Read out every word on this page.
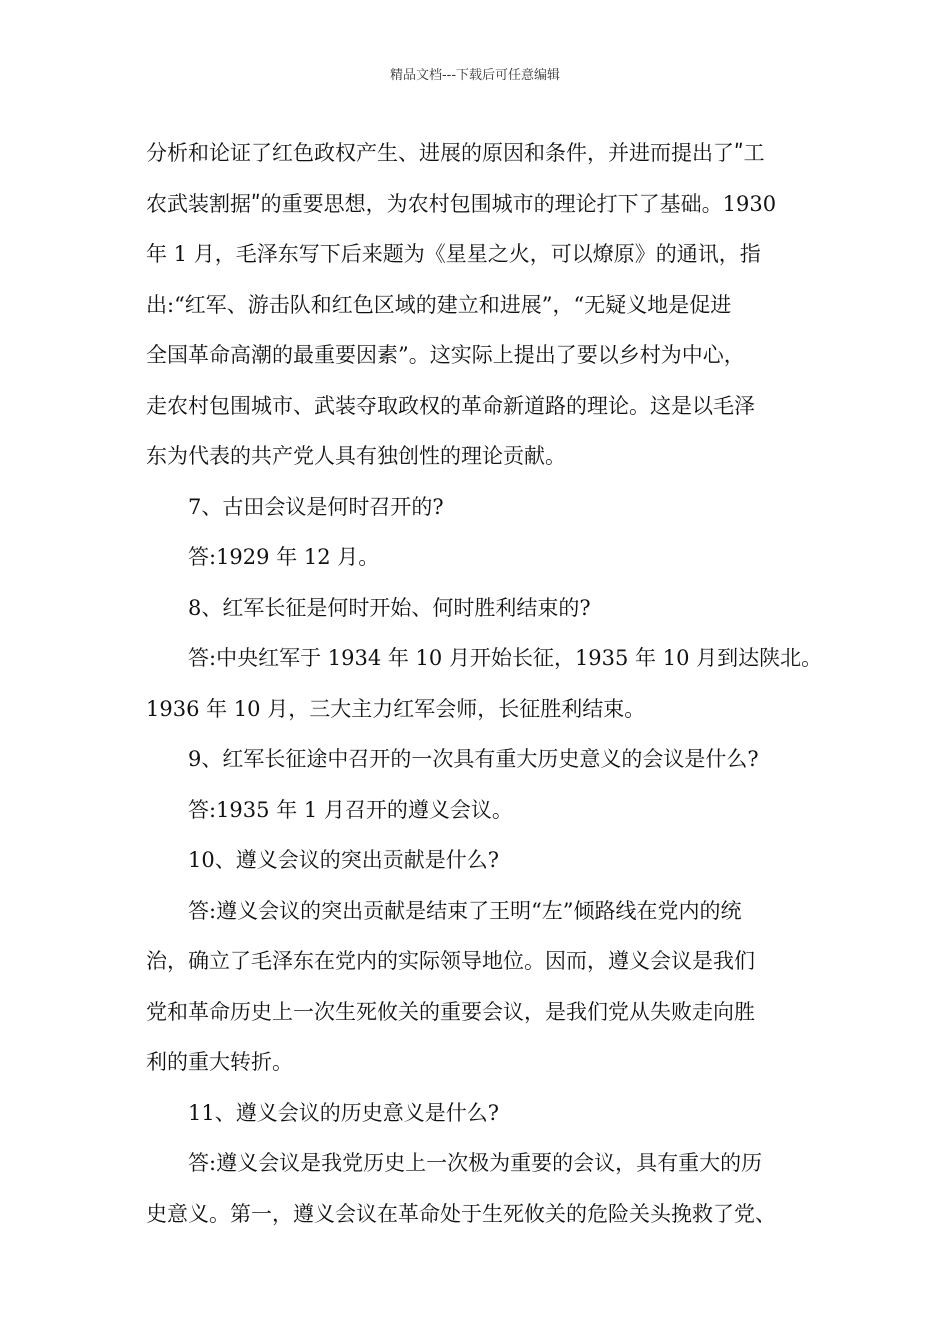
精品文档---下载后可任意编辑

分析和论证了红色政权产生、进展的原因和条件，并进而提出了ʺ工

农武装割据ʺ的重要思想，为农村包围城市的理论打下了基础。1930

年 1 月，毛泽东写下后来题为《星星之火，可以燎原》的通讯，指

出:“红军、游击队和红色区域的建立和进展”，“无疑义地是促进

全国革命高潮的最重要因素”。这实际上提出了要以乡村为中心，

走农村包围城市、武装夺取政权的革命新道路的理论。这是以毛泽

东为代表的共产党人具有独创性的理论贡献。

7、古田会议是何时召开的?

答:1929 年 12 月。

8、红军长征是何时开始、何时胜利结束的?

答:中央红军于 1934 年 10 月开始长征，1935 年 10 月到达陕北。

1936 年 10 月，三大主力红军会师，长征胜利结束。

9、红军长征途中召开的一次具有重大历史意义的会议是什么?

答:1935 年 1 月召开的遵义会议。

10、遵义会议的突出贡献是什么?

答:遵义会议的突出贡献是结束了王明“左”倾路线在党内的统

治，确立了毛泽东在党内的实际领导地位。因而，遵义会议是我们

党和革命历史上一次生死攸关的重要会议，是我们党从失败走向胜

利的重大转折。

11、遵义会议的历史意义是什么?

答:遵义会议是我党历史上一次极为重要的会议，具有重大的历

史意义。第一，遵义会议在革命处于生死攸关的危险关头挽救了党、
